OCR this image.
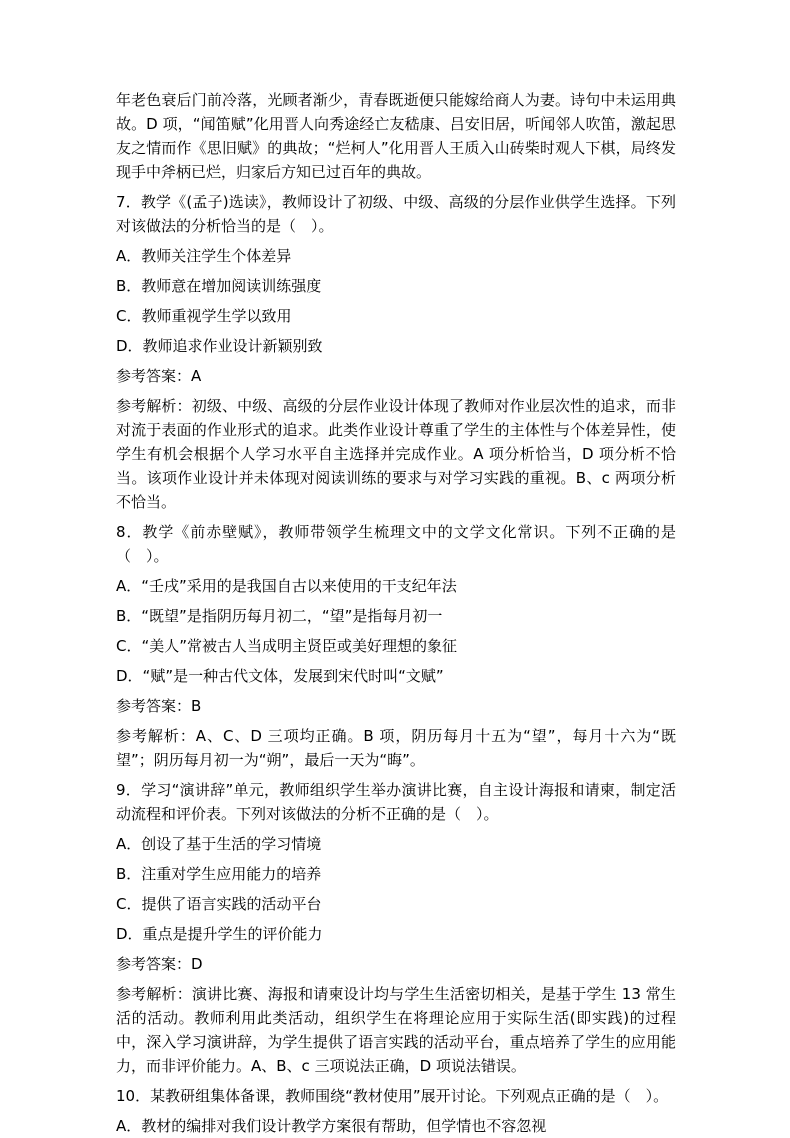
年老色衰后门前冷落，光顾者渐少，青春既逝便只能嫁给商人为妻。诗句中未运用典故。D 项，“闻笛赋”化用晋人向秀途经亡友嵇康、吕安旧居，听闻邻人吹笛，激起思友之情而作《思旧赋》的典故；“烂柯人”化用晋人王质入山砖柴时观人下棋，局终发现手中斧柄已烂，归家后方知已过百年的典故。

7．教学《(孟子)选读》，教师设计了初级、中级、高级的分层作业供学生选择。下列对该做法的分析恰当的是（　）。

A．教师关注学生个体差异

B．教师意在增加阅读训练强度

C．教师重视学生学以致用

D．教师追求作业设计新颖别致

参考答案：A

参考解析：初级、中级、高级的分层作业设计体现了教师对作业层次性的追求，而非对流于表面的作业形式的追求。此类作业设计尊重了学生的主体性与个体差异性，使学生有机会根据个人学习水平自主选择并完成作业。A 项分析恰当，D 项分析不恰当。该项作业设计并未体现对阅读训练的要求与对学习实践的重视。B、c 两项分析不恰当。

8．教学《前赤壁赋》，教师带领学生梳理文中的文学文化常识。下列不正确的是（　）。

A．“壬戌”采用的是我国自古以来使用的干支纪年法

B．“既望”是指阴历每月初二，“望”是指每月初一

C．“美人”常被古人当成明主贤臣或美好理想的象征

D．“赋”是一种古代文体，发展到宋代时叫“文赋”

参考答案：B

参考解析：A、C、D 三项均正确。B 项，阴历每月十五为“望”，每月十六为“既望”；阴历每月初一为“朔”，最后一天为“晦”。

9．学习“演讲辞”单元，教师组织学生举办演讲比赛，自主设计海报和请柬，制定活动流程和评价表。下列对该做法的分析不正确的是（　）。

A．创设了基于生活的学习情境

B．注重对学生应用能力的培养

C．提供了语言实践的活动平台

D．重点是提升学生的评价能力

参考答案：D

参考解析：演讲比赛、海报和请柬设计均与学生生活密切相关，是基于学生 13 常生活的活动。教师利用此类活动，组织学生在将理论应用于实际生活(即实践)的过程中，深入学习演讲辞，为学生提供了语言实践的活动平台，重点培养了学生的应用能力，而非评价能力。A、B、c 三项说法正确，D 项说法错误。

10．某教研组集体备课，教师围绕“教材使用”展开讨论。下列观点正确的是（　）。

A．教材的编排对我们设计教学方案很有帮助，但学情也不容忽视
